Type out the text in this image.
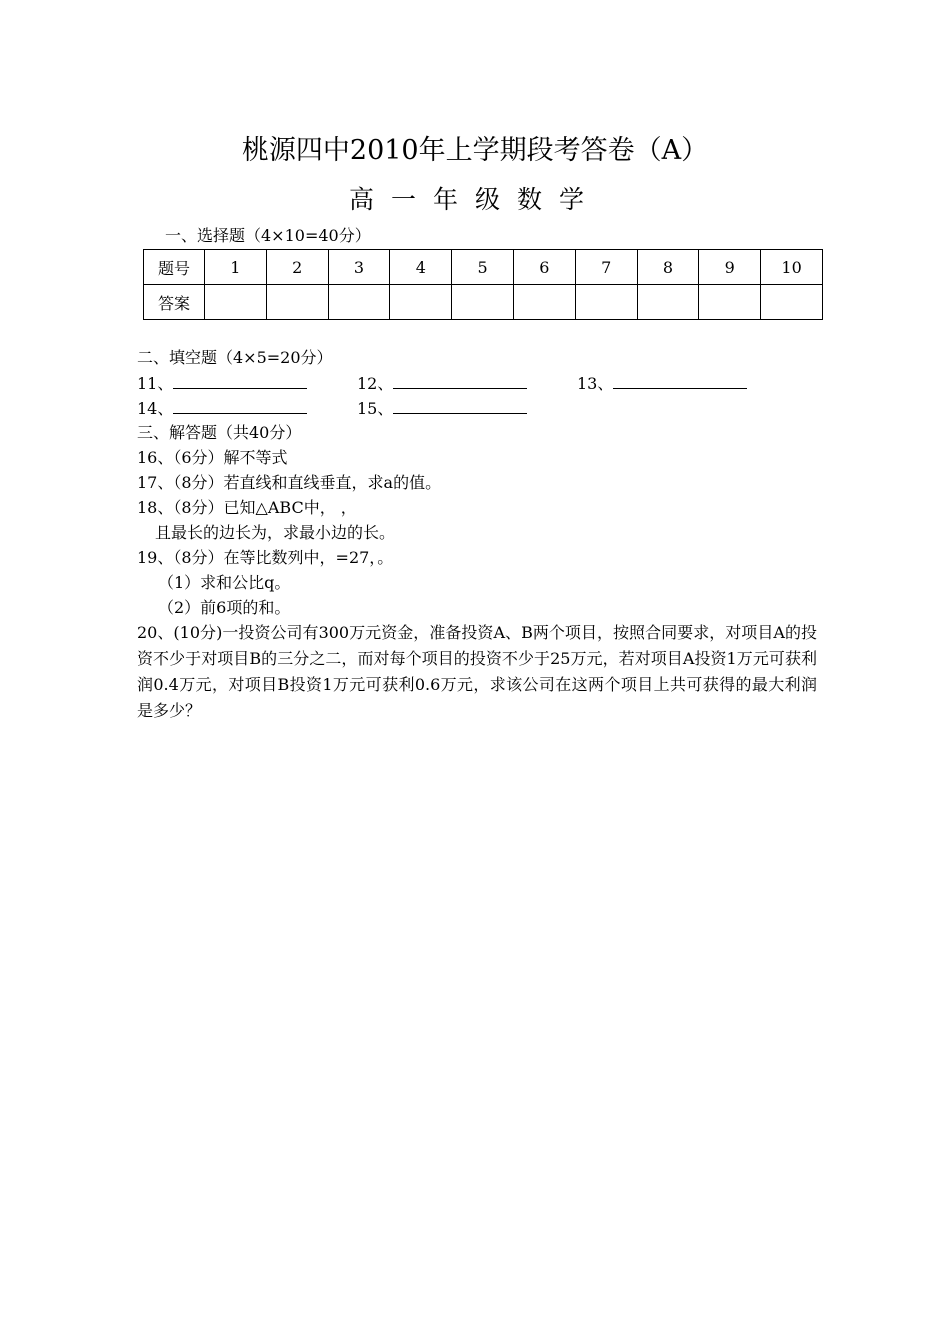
桃源四中2010年上学期段考答卷（A）
高一年级数学
一、选择题（4×10=40分）
题号	1	2	3	4	5	6	7	8	9	10
答案										
二、填空题（4×5=20分）
11、	12、	13、
14、	15、
三、解答题（共40分）
16、（6分）解不等式
17、（8分）若直线和直线垂直，求a的值。
18、（8分）已知△ABC中， ，
且最长的边长为，求最小边的长。
19、（8分）在等比数列中，=27，。
（1）求和公比q。
（2）前6项的和。
20、(10分)一投资公司有300万元资金，准备投资A、B两个项目，按照合同要求，对项目A的投资不少于对项目B的三分之二，而对每个项目的投资不少于25万元，若对项目A投资1万元可获利润0.4万元，对项目B投资1万元可获利0.6万元，求该公司在这两个项目上共可获得的最大利润是多少？
